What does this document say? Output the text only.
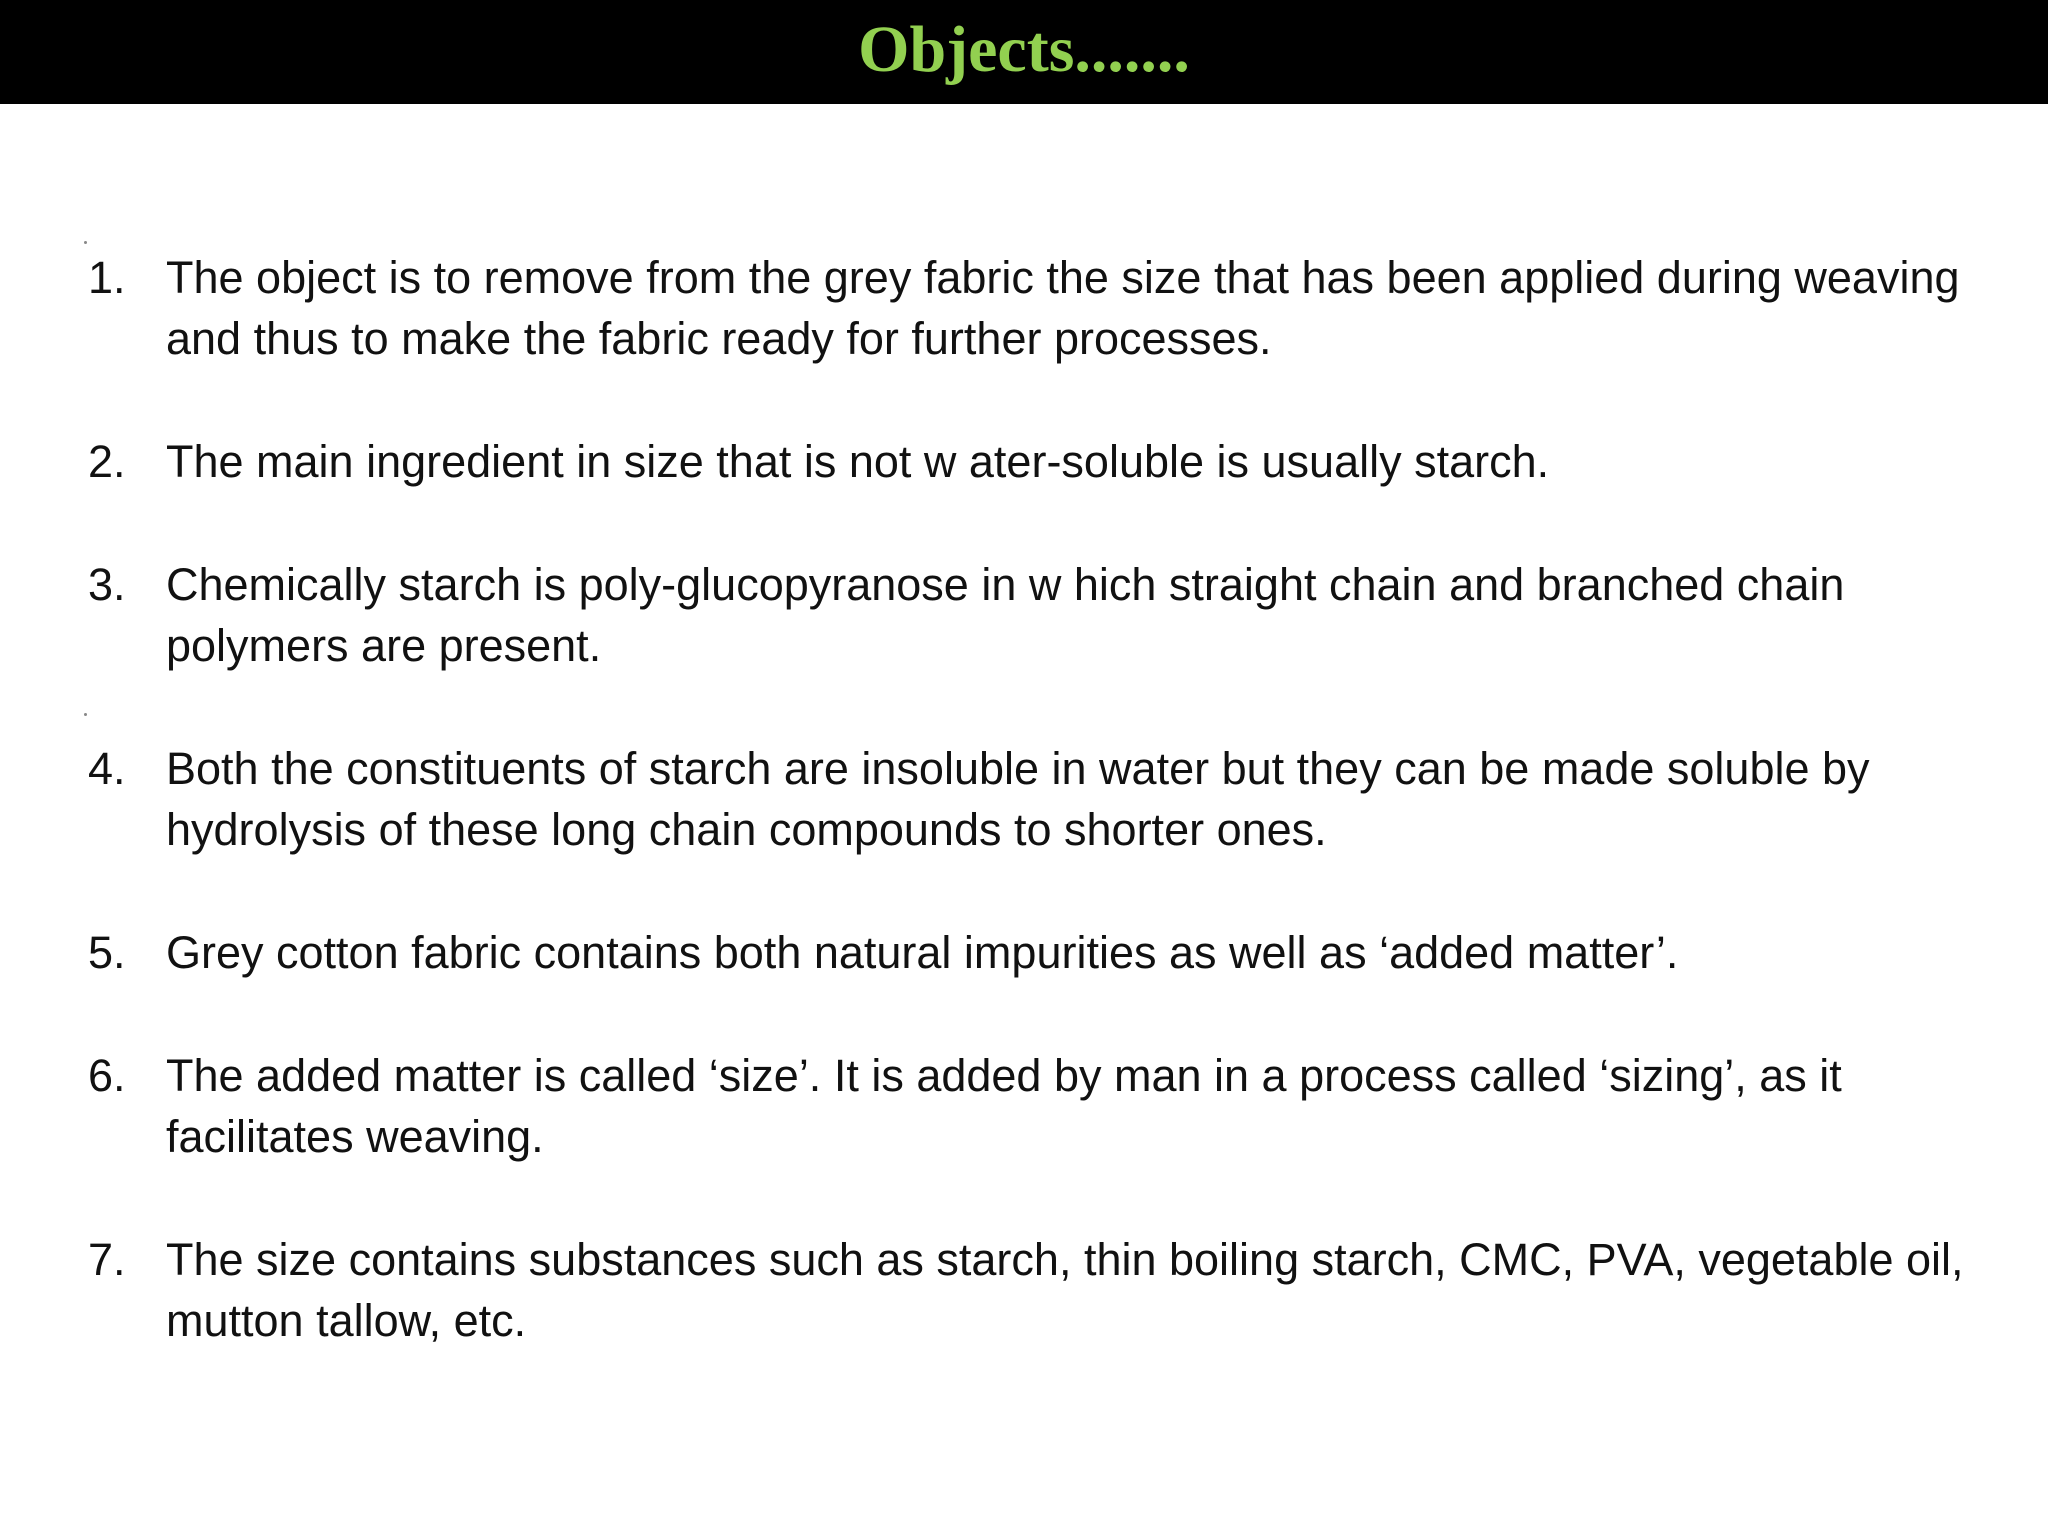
Objects.......
1. The object is to remove from the grey fabric the size that has been applied during weaving and thus to make the fabric ready for further processes.
2. The main ingredient in size that is not w ater-soluble is usually starch.
3. Chemically starch is poly-glucopyranose in w hich straight chain and branched chain polymers are present.
4. Both the constituents of starch are insoluble in water but they can be made soluble by hydrolysis of these long chain compounds to shorter ones.
5. Grey cotton fabric contains both natural impurities as well as ‘added matter’.
6. The added matter is called ‘size’. It is added by man in a process called ‘sizing’, as it facilitates weaving.
7. The size contains substances such as starch, thin boiling starch, CMC, PVA, vegetable oil, mutton tallow, etc.
